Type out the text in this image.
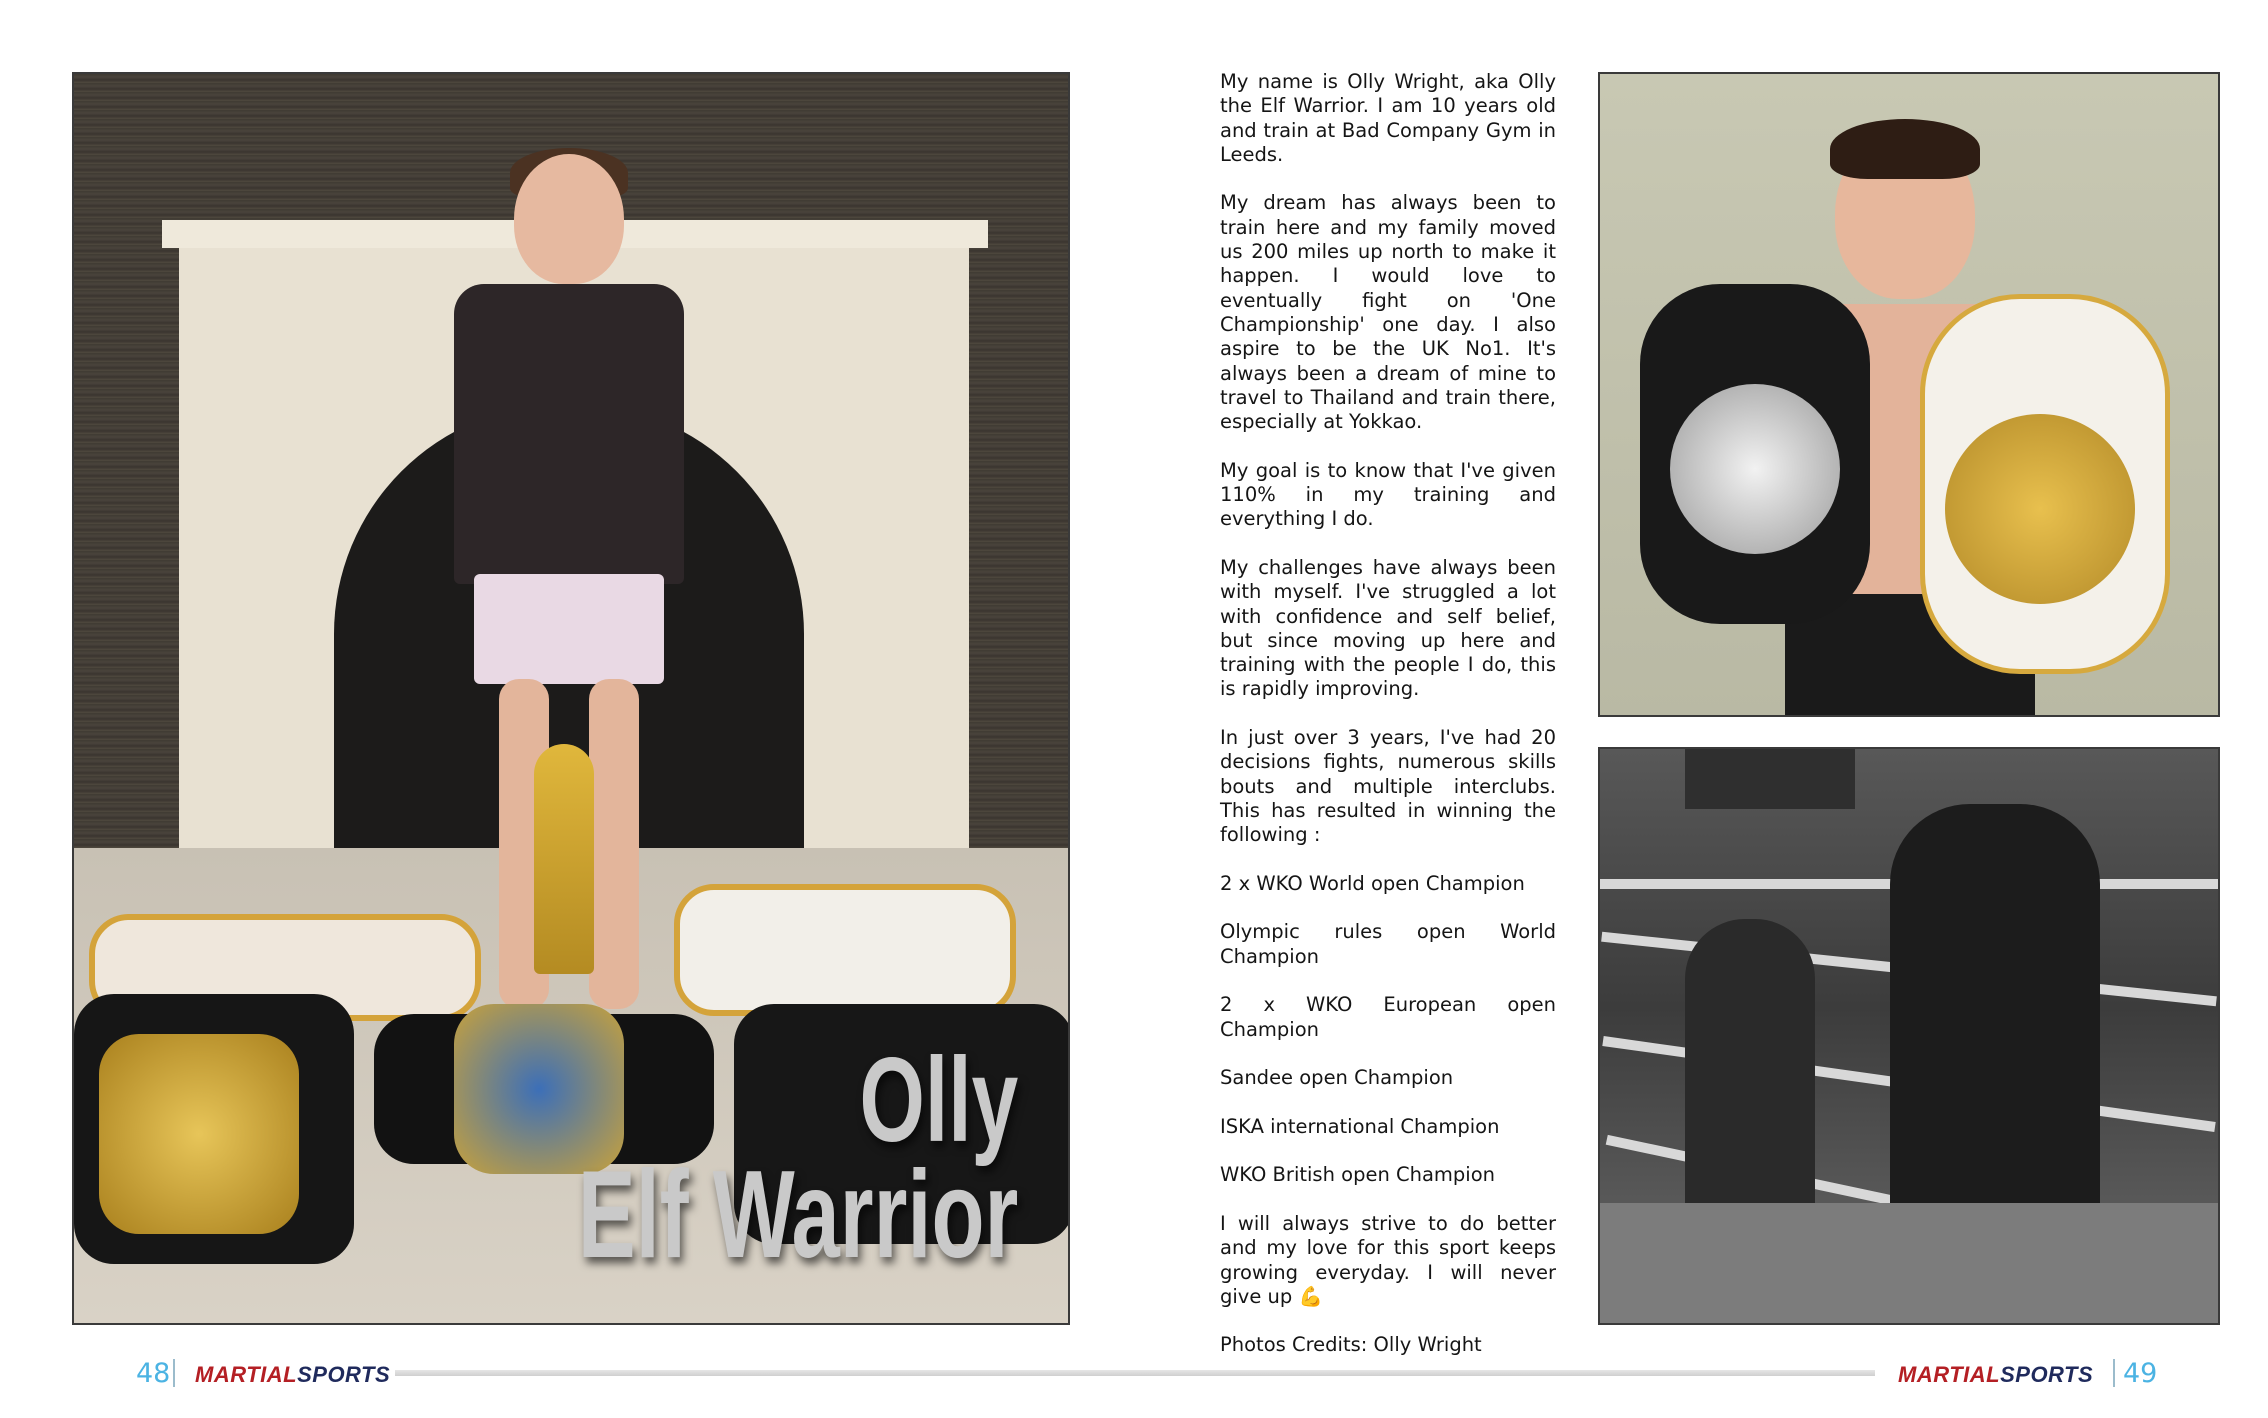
Olly
Elf Warrior

My name is Olly Wright, aka Olly the Elf Warrior. I am 10 years old and train at Bad Company Gym in Leeds.

My dream has always been to train here and my family moved us 200 miles up north to make it happen. I would love to eventually fight on 'One Championship' one day. I also aspire to be the UK No1. It's always been a dream of mine to travel to Thailand and train there, especially at Yokkao.

My goal is to know that I've given 110% in my training and everything I do.

My challenges have always been with myself. I've struggled a lot with confidence and self belief, but since moving up here and training with the people I do, this is rapidly improving.

In just over 3 years, I've had 20 decisions fights, numerous skills bouts and multiple interclubs. This has resulted in winning the following :

2 x WKO World open Champion

Olympic rules open World Champion

2 x WKO European open Champion

Sandee open Champion

ISKA international Champion

WKO British open Champion

I will always strive to do better and my love for this sport keeps growing everyday. I will never give up 💪

Photos Credits: Olly Wright

48 MARTIALSPORTS	MARTIALSPORTS 49
